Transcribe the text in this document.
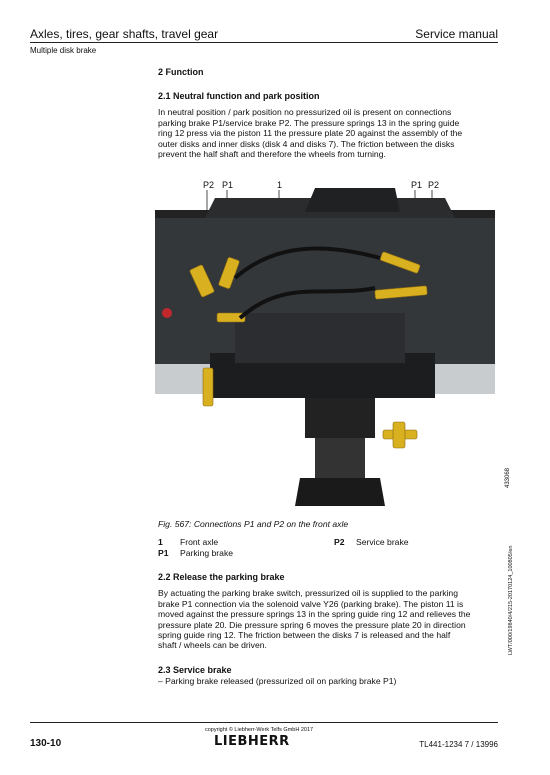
Axles, tires, gear shafts, travel gear	Service manual
Multiple disk brake
2 Function
2.1 Neutral function and park position

In neutral position / park position no pressurized oil is present on connections

parking brake P1/service brake P2. The pressure springs 13 in the spring guide

ring 12 press via the piston 11 the pressure plate 20 against the assembly of the

outer disks and inner disks (disk 4 and disks 7). The friction between the disks

prevent the half shaft and therefore the wheels from turning.

P2 P1	1	P1 P2
433068
Fig. 567: Connections P1 and P2 on the front axle
1 Front axle
P1 Parking brake
P2 Service brake
2.2 Release the parking brake

By actuating the parking brake switch, pressurized oil is supplied to the parking

brake P1 connection via the solenoid valve Y26 (parking brake). The piston 11 is

moved against the pressure springs 13 in the spring guide ring 12 and relieves the

pressure plate 20. Die pressure spring 6 moves the pressure plate 20 in direction

spring guide ring 12. The friction between the disks 7 is released and the half

shaft / wheels can be driven.

2.3 Service brake

– Parking brake released (pressurized oil on parking brake P1)

LWT/000/19840/4/215-20170124_100805/en
130-10
copyright © Liebherr-Werk Telfs GmbH 2017
LIEBHERR	TL441-1234 7 / 13996
